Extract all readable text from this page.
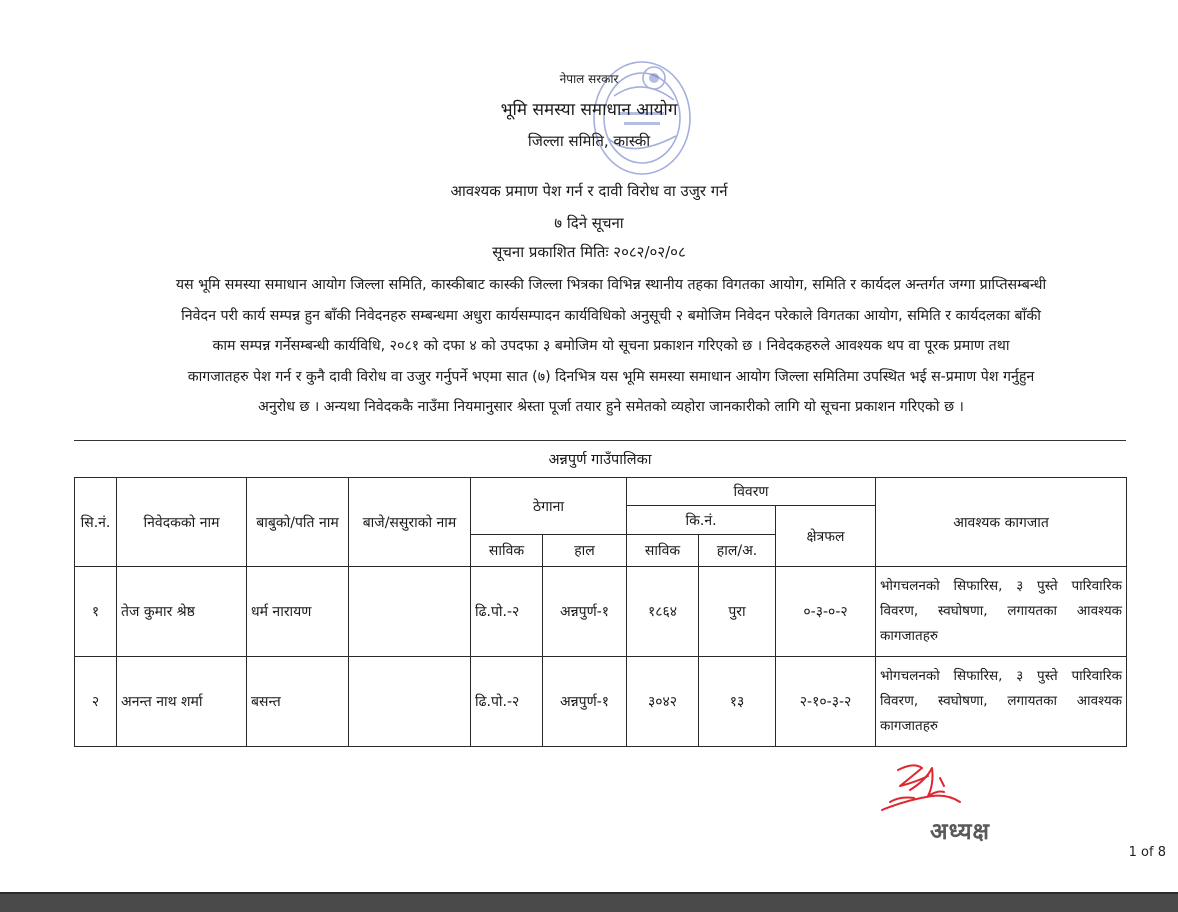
नेपाल सरकार
भूमि समस्या समाधान आयोग
जिल्ला समिति, कास्की
आवश्यक प्रमाण पेश गर्न र दावी विरोध वा उजुर गर्न
७ दिने सूचना
सूचना प्रकाशित मितिः २०८२/०२/०८
यस भूमि समस्या समाधान आयोग जिल्ला समिति, कास्कीबाट कास्की जिल्ला भित्रका विभिन्न स्थानीय तहका विगतका आयोग, समिति र कार्यदल अन्तर्गत जग्गा प्राप्तिसम्बन्धी
निवेदन परी कार्य सम्पन्न हुन बाँकी निवेदनहरु सम्बन्धमा अधुरा कार्यसम्पादन कार्यविधिको अनुसूची २ बमोजिम निवेदन परेकाले विगतका आयोग, समिति र कार्यदलका बाँकी
काम सम्पन्न गर्नेसम्बन्धी कार्यविधि, २०८१ को दफा ४ को उपदफा ३ बमोजिम यो सूचना प्रकाशन गरिएको छ । निवेदकहरुले आवश्यक थप वा पूरक प्रमाण तथा
कागजातहरु पेश गर्न र कुनै दावी विरोध वा उजुर गर्नुपर्ने भएमा सात (७) दिनभित्र यस भूमि समस्या समाधान आयोग जिल्ला समितिमा उपस्थित भई स-प्रमाण पेश गर्नुहुन
अनुरोध छ । अन्यथा निवेदककै नाउँमा नियमानुसार श्रेस्ता पूर्जा तयार हुने समेतको व्यहोरा जानकारीको लागि यो सूचना प्रकाशन गरिएको छ ।
अन्नपुर्ण गाउँपालिका
सि.नं.	निवेदकको नाम	बाबुको/पति नाम	बाजे/ससुराको नाम	ठेगाना		विवरण			आवश्यक कागजात
						कि.नं.		क्षेत्रफल	
				साविक	हाल	साविक	हाल/अ.		
१	तेज कुमार श्रेष्ठ	धर्म नारायण		ढि.पो.-२	अन्नपुर्ण-१	१८६४	पुरा	०-३-०-२	भोगचलनको सिफारिस, ३ पुस्ते पारिवारिक विवरण, स्वघोषणा, लगायतका आवश्यक कागजातहरु
२	अनन्त नाथ शर्मा	बसन्त		ढि.पो.-२	अन्नपुर्ण-१	३०४२	१३	२-१०-३-२	भोगचलनको सिफारिस, ३ पुस्ते पारिवारिक विवरण, स्वघोषणा, लगायतका आवश्यक कागजातहरु
अध्यक्ष
1 of 8
